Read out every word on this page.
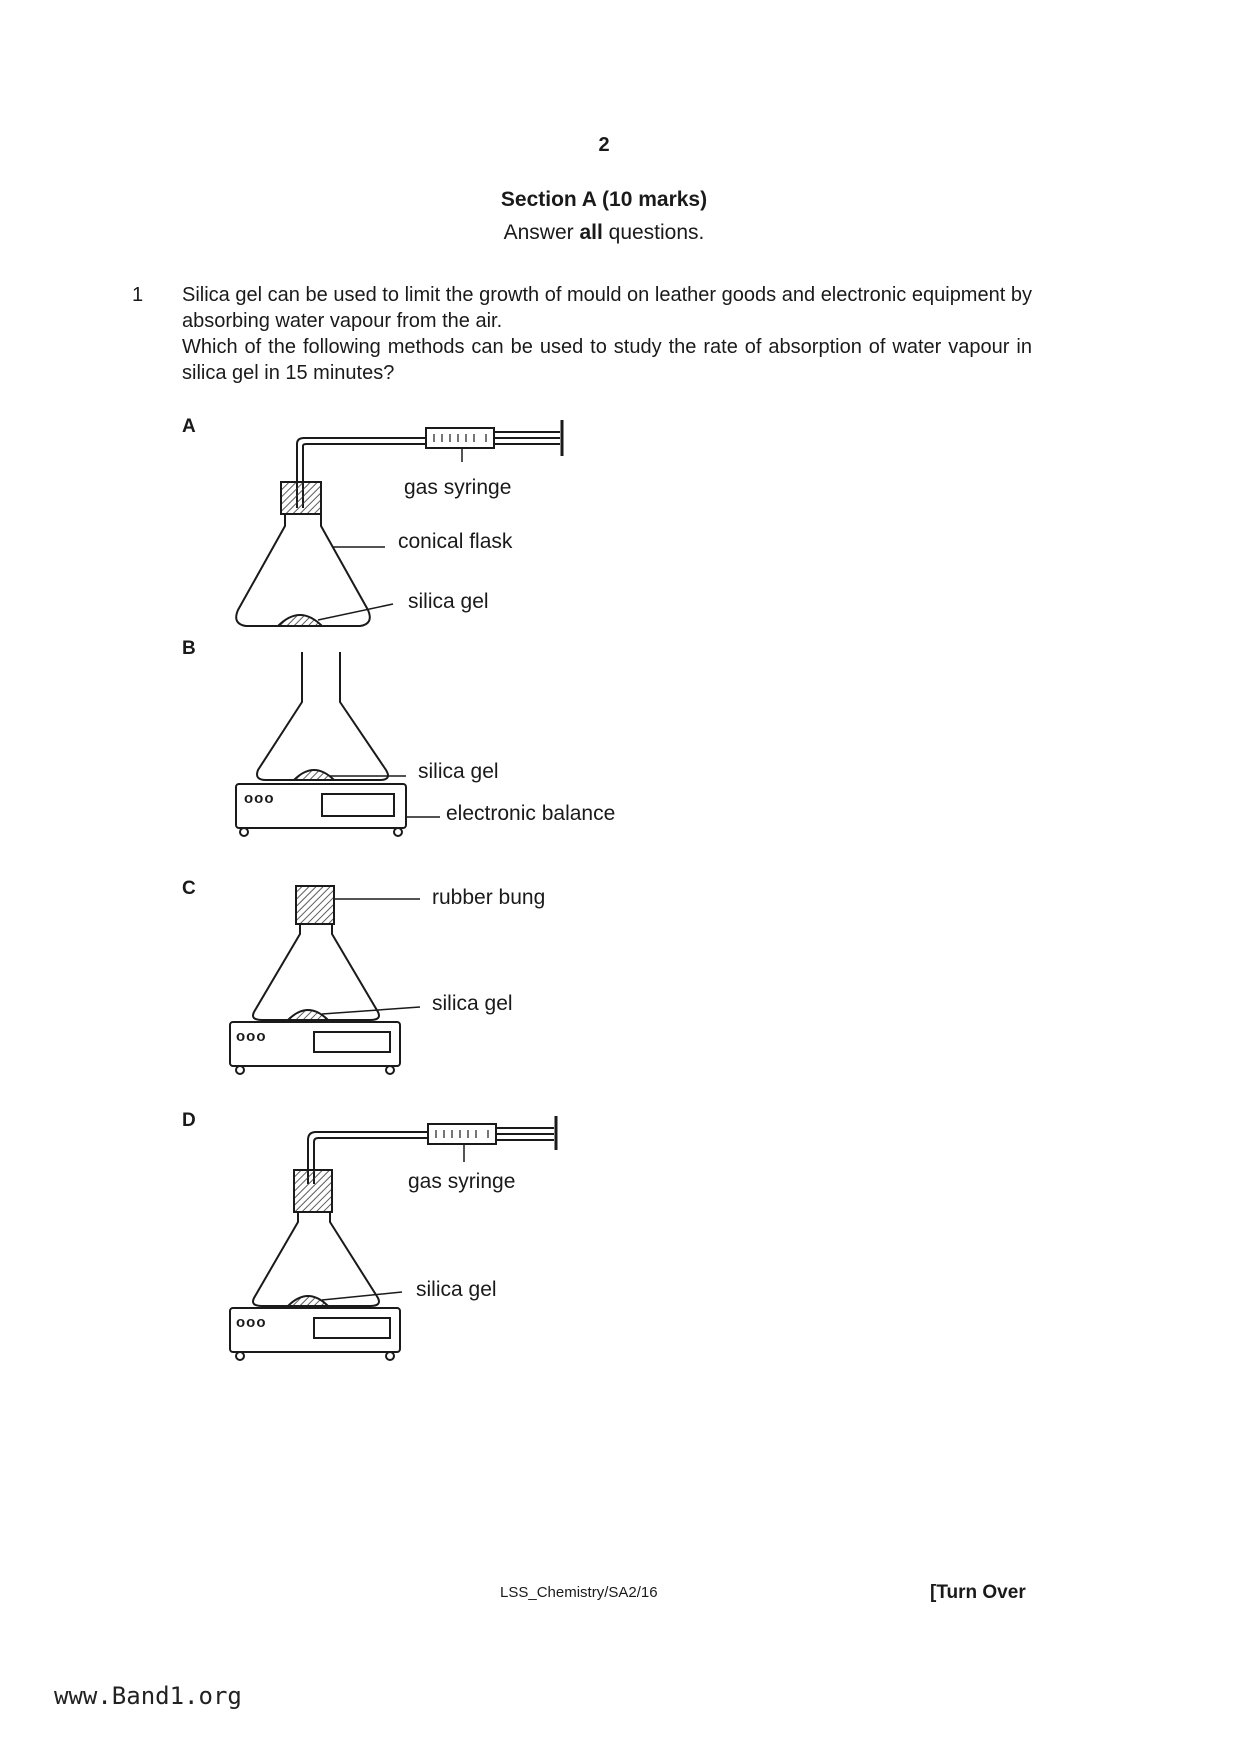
2
Section A (10 marks)
Answer all questions.
1 Silica gel can be used to limit the growth of mould on leather goods and electronic equipment by absorbing water vapour from the air.

Which of the following methods can be used to study the rate of absorption of water vapour in silica gel in 15 minutes?

A
gas syringe
conical flask
silica gel
B
silica gel
electronic balance
ooo
C	rubber bung
silica gel
ooo
D
gas syringe
silica gel
ooo
LSS_Chemistry/SA2/16	[Turn Over
www.Band1.org
